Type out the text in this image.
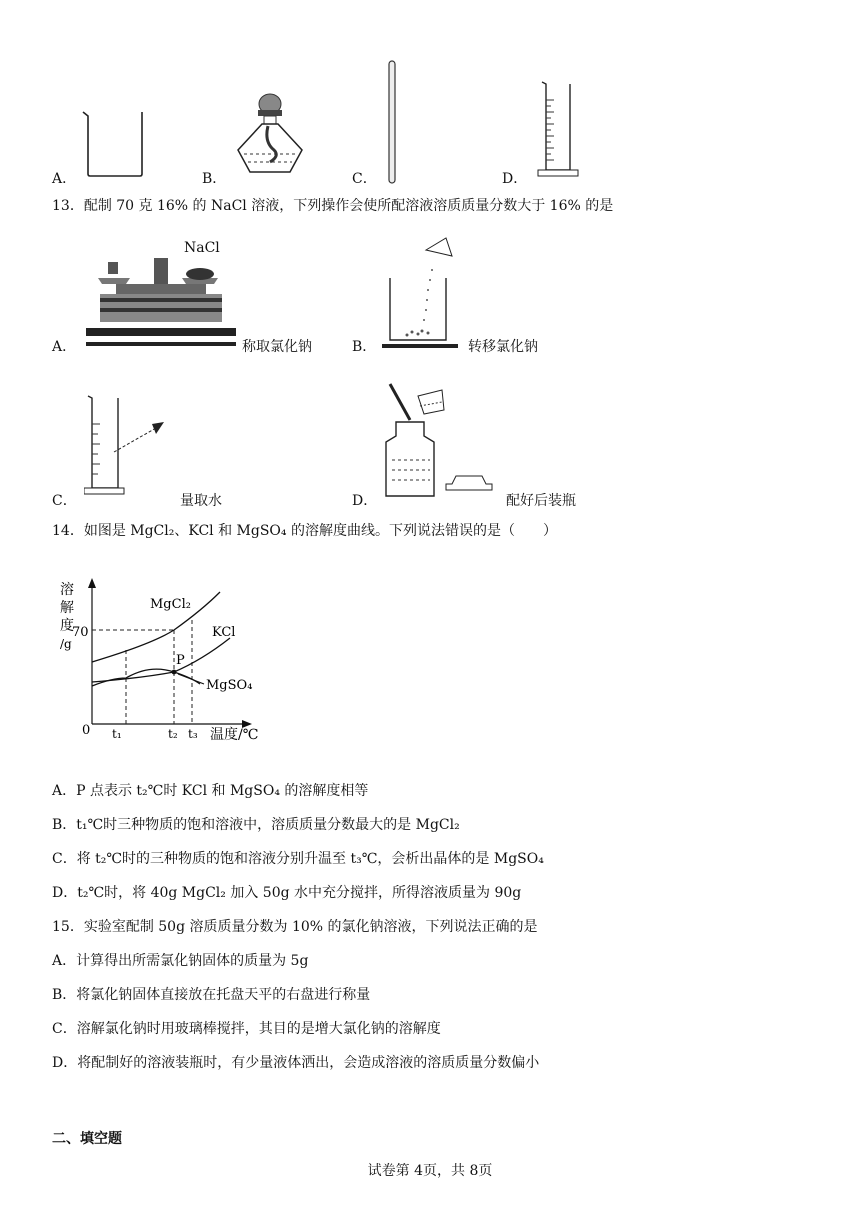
A．	B．	C．	D．
13．配制 70 克 16% 的 NaCl 溶液，下列操作会使所配溶液溶质质量分数大于 16% 的是
NaCl
A．	称取氯化钠	B．	转移氯化钠
C．	量取水	D．	配好后装瓶
14．如图是 MgCl₂、KCl 和 MgSO₄ 的溶解度曲线。下列说法错误的是（　　）
溶
解
度
/g
70
MgCl₂
KCl
MgSO₄
P
0 t₁	t₂ t₃ 温度/℃
A．P 点表示 t₂℃时 KCl 和 MgSO₄ 的溶解度相等
B．t₁℃时三种物质的饱和溶液中，溶质质量分数最大的是 MgCl₂
C．将 t₂℃时的三种物质的饱和溶液分别升温至 t₃℃，会析出晶体的是 MgSO₄
D．t₂℃时，将 40g MgCl₂ 加入 50g 水中充分搅拌，所得溶液质量为 90g
15．实验室配制 50g 溶质质量分数为 10% 的氯化钠溶液，下列说法正确的是
A．计算得出所需氯化钠固体的质量为 5g
B．将氯化钠固体直接放在托盘天平的右盘进行称量
C．溶解氯化钠时用玻璃棒搅拌，其目的是增大氯化钠的溶解度
D．将配制好的溶液装瓶时，有少量液体洒出，会造成溶液的溶质质量分数偏小
二、填空题
试卷第 4页，共 8页
